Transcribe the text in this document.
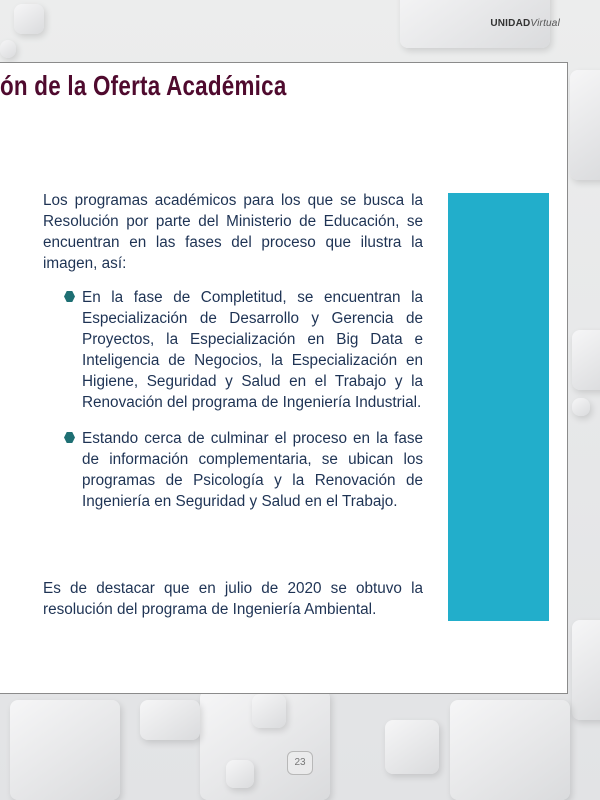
UNIDADVirtual
ón de la Oferta Académica

Los programas académicos para los que se busca la Resolución por parte del Ministerio de Educación, se encuentran en las fases del proceso que ilustra la imagen, así:

En la fase de Completitud, se encuentran la Especialización de Desarrollo y Gerencia de Proyectos, la Especialización en Big Data e Inteligencia de Negocios, la Especialización en Higiene, Seguridad y Salud en el Trabajo y la Renovación del programa de Ingeniería Industrial.
Estando cerca de culminar el proceso en la fase de información complementaria, se ubican los programas de Psicología y la Renovación de Ingeniería en Seguridad y Salud en el Trabajo.

Es de destacar que en julio de 2020 se obtuvo la resolución del programa de Ingeniería Ambiental.

23
